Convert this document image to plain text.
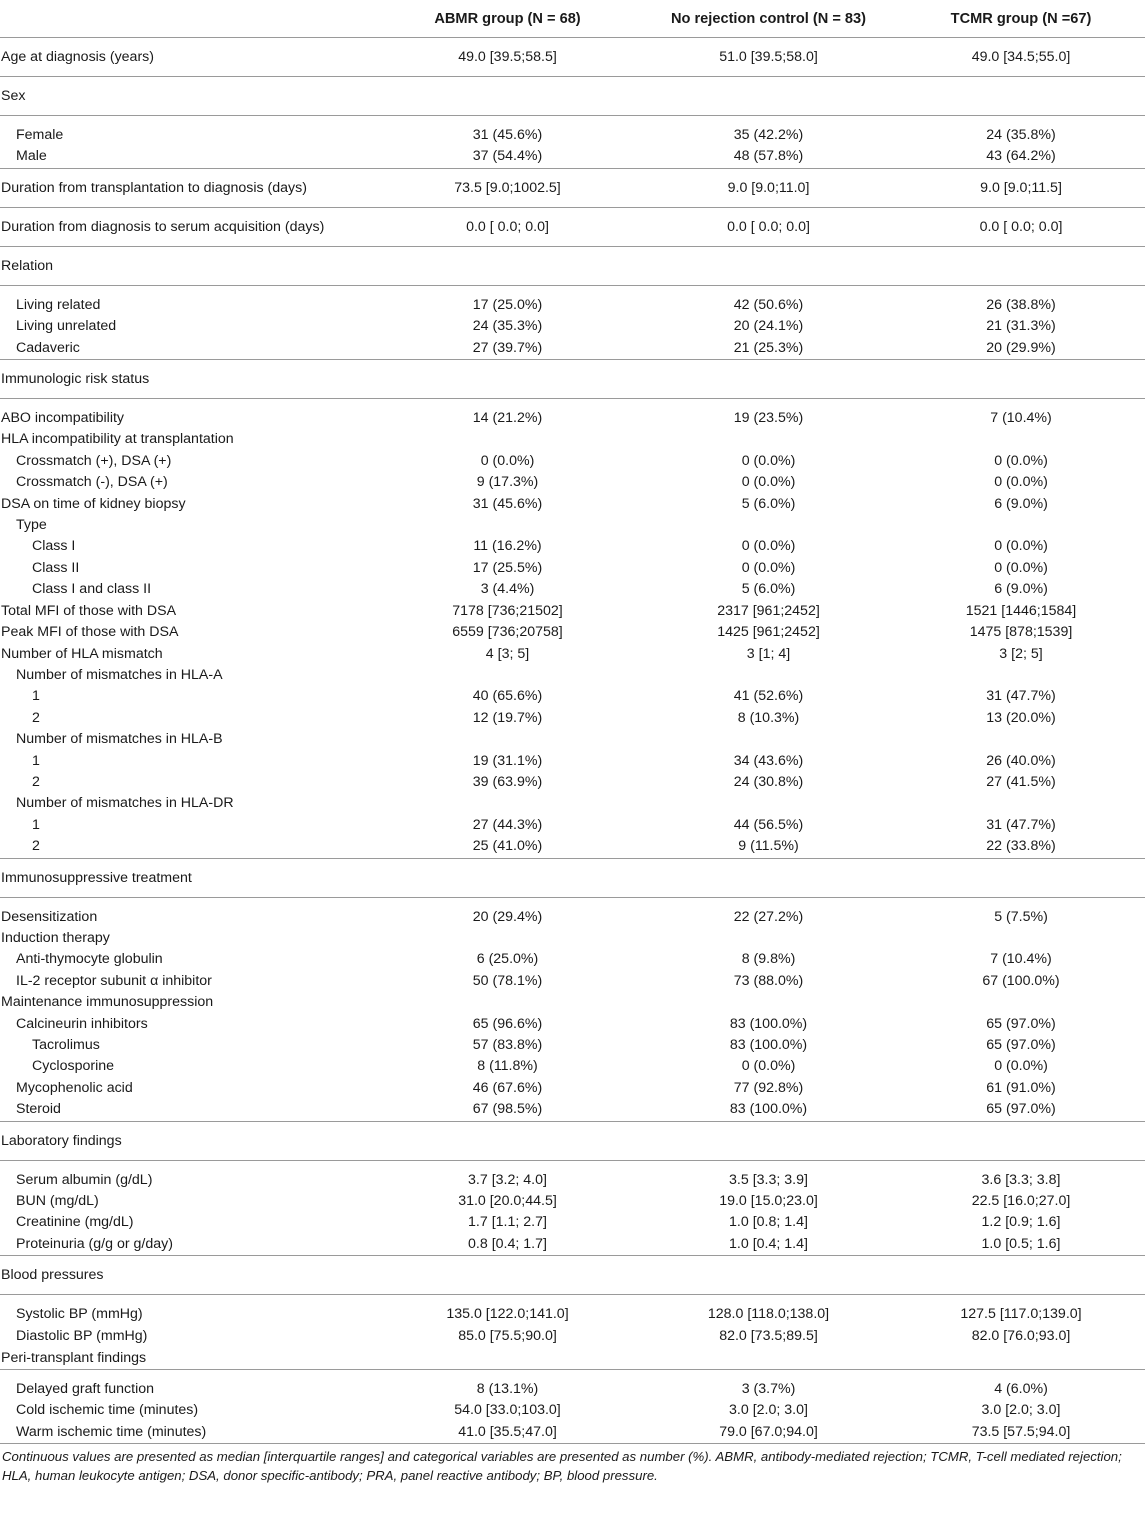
	ABMR group (N = 68)	No rejection control (N = 83)	TCMR group (N =67)
Age at diagnosis (years)	49.0 [39.5;58.5]	51.0 [39.5;58.0]	49.0 [34.5;55.0]
Sex			
Female	31 (45.6%)	35 (42.2%)	24 (35.8%)
Male	37 (54.4%)	48 (57.8%)	43 (64.2%)
Duration from transplantation to diagnosis (days)	73.5 [9.0;1002.5]	9.0 [9.0;11.0]	9.0 [9.0;11.5]
Duration from diagnosis to serum acquisition (days)	0.0 [ 0.0; 0.0]	0.0 [ 0.0; 0.0]	0.0 [ 0.0; 0.0]
Relation			
Living related	17 (25.0%)	42 (50.6%)	26 (38.8%)
Living unrelated	24 (35.3%)	20 (24.1%)	21 (31.3%)
Cadaveric	27 (39.7%)	21 (25.3%)	20 (29.9%)
Immunologic risk status			
ABO incompatibility	14 (21.2%)	19 (23.5%)	7 (10.4%)
HLA incompatibility at transplantation			
Crossmatch (+), DSA (+)	0 (0.0%)	0 (0.0%)	0 (0.0%)
Crossmatch (-), DSA (+)	9 (17.3%)	0 (0.0%)	0 (0.0%)
DSA on time of kidney biopsy	31 (45.6%)	5 (6.0%)	6 (9.0%)
Type			
Class I	11 (16.2%)	0 (0.0%)	0 (0.0%)
Class II	17 (25.5%)	0 (0.0%)	0 (0.0%)
Class I and class II	3 (4.4%)	5 (6.0%)	6 (9.0%)
Total MFI of those with DSA	7178 [736;21502]	2317 [961;2452]	1521 [1446;1584]
Peak MFI of those with DSA	6559 [736;20758]	1425 [961;2452]	1475 [878;1539]
Number of HLA mismatch	4 [3; 5]	3 [1; 4]	3 [2; 5]
Number of mismatches in HLA-A			
1	40 (65.6%)	41 (52.6%)	31 (47.7%)
2	12 (19.7%)	8 (10.3%)	13 (20.0%)
Number of mismatches in HLA-B			
1	19 (31.1%)	34 (43.6%)	26 (40.0%)
2	39 (63.9%)	24 (30.8%)	27 (41.5%)
Number of mismatches in HLA-DR			
1	27 (44.3%)	44 (56.5%)	31 (47.7%)
2	25 (41.0%)	9 (11.5%)	22 (33.8%)
Immunosuppressive treatment			
Desensitization	20 (29.4%)	22 (27.2%)	5 (7.5%)
Induction therapy			
Anti-thymocyte globulin	6 (25.0%)	8 (9.8%)	7 (10.4%)
IL-2 receptor subunit α inhibitor	50 (78.1%)	73 (88.0%)	67 (100.0%)
Maintenance immunosuppression			
Calcineurin inhibitors	65 (96.6%)	83 (100.0%)	65 (97.0%)
Tacrolimus	57 (83.8%)	83 (100.0%)	65 (97.0%)
Cyclosporine	8 (11.8%)	0 (0.0%)	0 (0.0%)
Mycophenolic acid	46 (67.6%)	77 (92.8%)	61 (91.0%)
Steroid	67 (98.5%)	83 (100.0%)	65 (97.0%)
Laboratory findings			
Serum albumin (g/dL)	3.7 [3.2; 4.0]	3.5 [3.3; 3.9]	3.6 [3.3; 3.8]
BUN (mg/dL)	31.0 [20.0;44.5]	19.0 [15.0;23.0]	22.5 [16.0;27.0]
Creatinine (mg/dL)	1.7 [1.1; 2.7]	1.0 [0.8; 1.4]	1.2 [0.9; 1.6]
Proteinuria (g/g or g/day)	0.8 [0.4; 1.7]	1.0 [0.4; 1.4]	1.0 [0.5; 1.6]
Blood pressures			
Systolic BP (mmHg)	135.0 [122.0;141.0]	128.0 [118.0;138.0]	127.5 [117.0;139.0]
Diastolic BP (mmHg)	85.0 [75.5;90.0]	82.0 [73.5;89.5]	82.0 [76.0;93.0]
Peri-transplant findings			
Delayed graft function	8 (13.1%)	3 (3.7%)	4 (6.0%)
Cold ischemic time (minutes)	54.0 [33.0;103.0]	3.0 [2.0; 3.0]	3.0 [2.0; 3.0]
Warm ischemic time (minutes)	41.0 [35.5;47.0]	79.0 [67.0;94.0]	73.5 [57.5;94.0]
Continuous values are presented as median [interquartile ranges] and categorical variables are presented as number (%). ABMR, antibody-mediated rejection; TCMR, T-cell mediated rejection; HLA, human leukocyte antigen; DSA, donor specific-antibody; PRA, panel reactive antibody; BP, blood pressure.
